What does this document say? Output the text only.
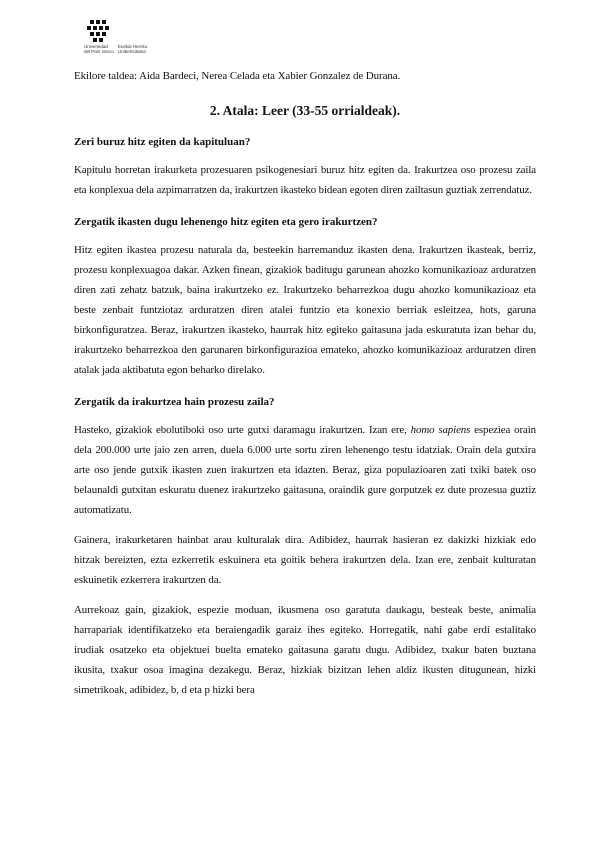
Universidad
del País Vasco
Euskal Herriko
Unibertsitatea

Ekilore taldea: Aida Bardeci, Nerea Celada eta Xabier Gonzalez de Durana.

2. Atala: Leer (33-55 orrialdeak).
Zeri buruz hitz egiten da kapituluan?

Kapitulu horretan irakurketa prozesuaren psikogenesiari buruz hitz egiten da. Irakurtzea oso prozesu zaila eta konplexua dela azpimarratzen da, irakurtzen ikasteko bidean egoten diren zailtasun guztiak zerrendatuz.

Zergatik ikasten dugu lehenengo hitz egiten eta gero irakurtzen?

Hitz egiten ikastea prozesu naturala da, besteekin harremanduz ikasten dena. Irakurtzen ikasteak, berriz, prozesu konplexuagoa dakar. Azken finean, gizakiok baditugu garunean ahozko komunikazioaz arduratzen diren zati zehatz batzuk, baina irakurtzeko ez. Irakurtzeko beharrezkoa dugu ahozko komunikazioaz eta beste zenbait funtziotaz arduratzen diren atalei funtzio eta konexio berriak esleitzea, hots, garuna birkonfiguratzea. Beraz, irakurtzen ikasteko, haurrak hitz egiteko gaitasuna jada eskuratuta izan behar du, irakurtzeko beharrezkoa den garunaren birkonfigurazioa emateko, ahozko komunikazioaz arduratzen diren atalak jada aktibatuta egon beharko direlako.

Zergatik da irakurtzea hain prozesu zaila?

Hasteko, gizakiok ebolutiboki oso urte gutxi daramagu irakurtzen. Izan ere, homo sapiens espeziea orain dela 200.000 urte jaio zen arren, duela 6.000 urte sortu ziren lehenengo testu idatziak. Orain dela gutxira arte oso jende gutxik ikasten zuen irakurtzen eta idazten. Beraz, giza populazioaren zati txiki batek oso belaunaldi gutxitan eskuratu duenez irakurtzeko gaitasuna, oraindik gure gorputzek ez dute prozesua guztiz automatizatu.

Gainera, irakurketaren hainbat arau kulturalak dira. Adibidez, haurrak hasieran ez dakizki hizkiak edo hitzak bereizten, ezta ezkerretik eskuinera eta goitik behera irakurtzen dela. Izan ere, zenbait kulturatan eskuinetik ezkerrera irakurtzen da.

Aurrekoaz gain, gizakiok, espezie moduan, ikusmena oso garatuta daukagu, besteak beste, animalia harrapariak identifikatzeko eta beraiengadik garaiz ihes egiteko. Horregatik, nahi gabe erdi estalitako irudiak osatzeko eta objektuei buelta emateko gaitasuna garatu dugu. Adibidez, txakur baten buztana ikusita, txakur osoa imagina dezakegu. Beraz, hizkiak bizitzan lehen aldiz ikusten ditugunean, hizki simetrikoak, adibidez, b, d eta p hizki bera
